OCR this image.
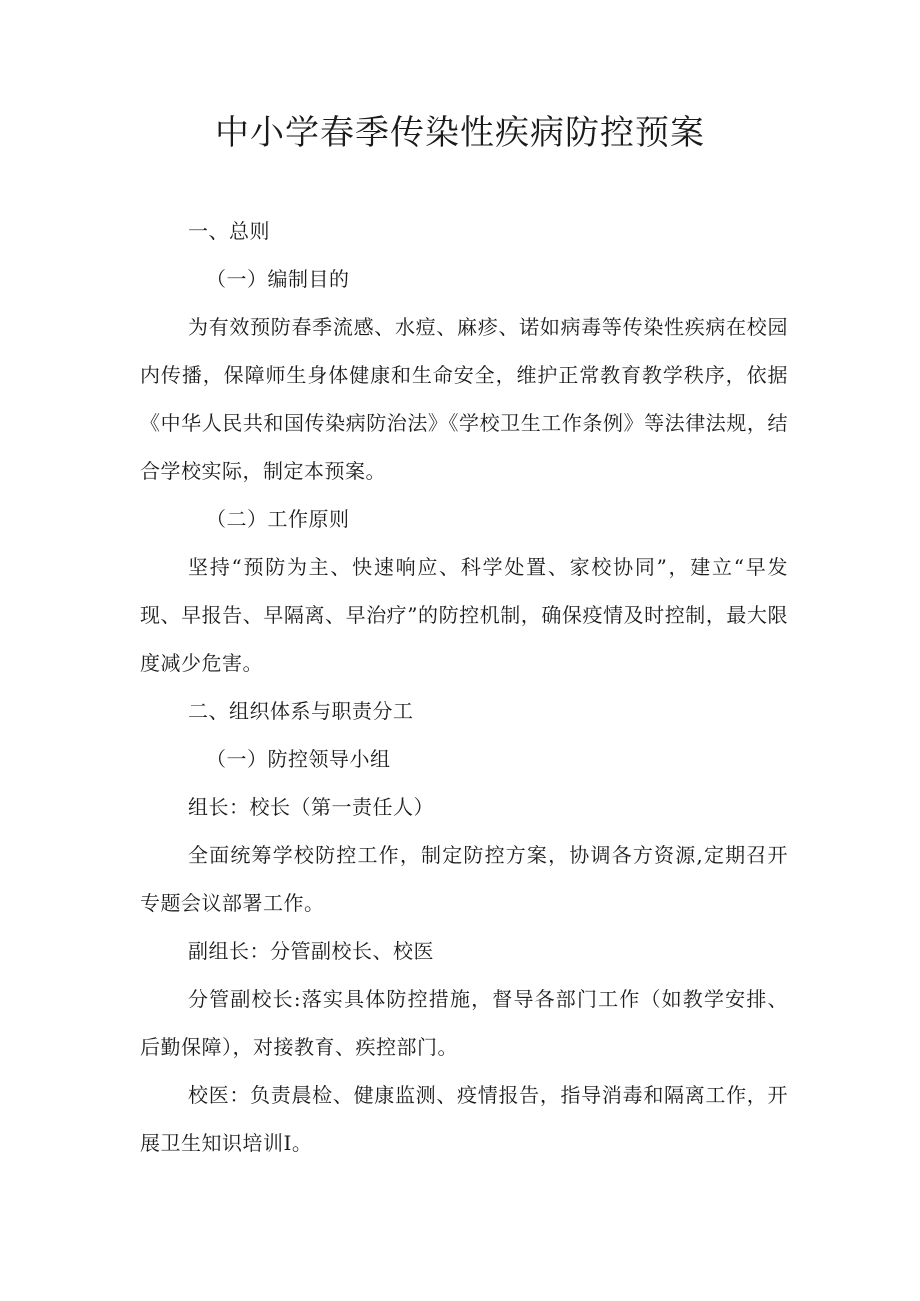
中小学春季传染性疾病防控预案

一、总则

（一）编制目的

为有效预防春季流感、水痘、麻疹、诺如病毒等传染性疾病在校园内传播，保障师生身体健康和生命安全，维护正常教育教学秩序，依据《中华人民共和国传染病防治法》《学校卫生工作条例》等法律法规，结合学校实际，制定本预案。

（二）工作原则

坚持“预防为主、快速响应、科学处置、家校协同”，建立“早发现、早报告、早隔离、早治疗”的防控机制，确保疫情及时控制，最大限度减少危害。

二、组织体系与职责分工

（一）防控领导小组

组长：校长（第一责任人）

全面统筹学校防控工作，制定防控方案，协调各方资源,定期召开专题会议部署工作。

副组长：分管副校长、校医

分管副校长:落实具体防控措施，督导各部门工作（如教学安排、后勤保障），对接教育、疾控部门。

校医：负责晨检、健康监测、疫情报告，指导消毒和隔离工作，开展卫生知识培训I。
